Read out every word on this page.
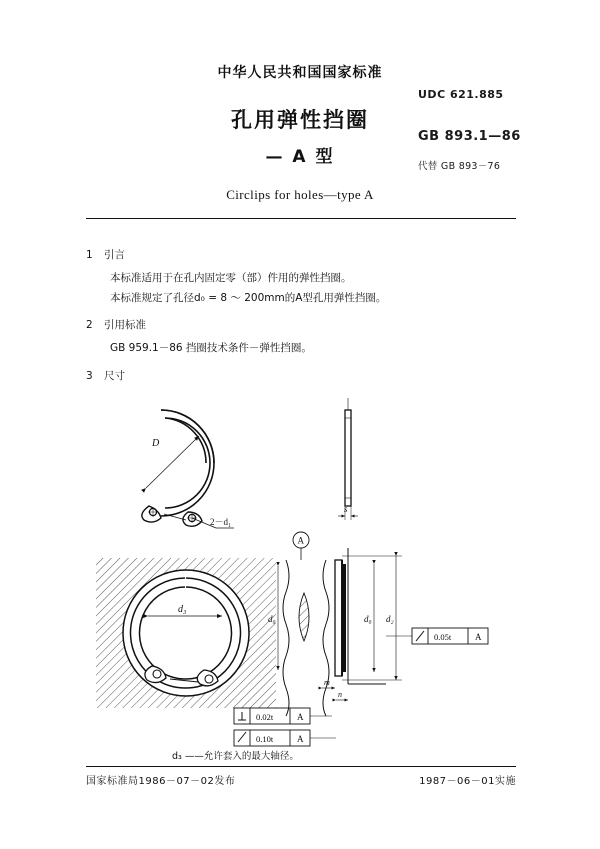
中华人民共和国国家标准
孔用弹性挡圈
— A 型
Circlips for holes—type A
UDC 621.885
GB 893.1—86
代替 GB 893－76
1 引言

本标准适用于在孔内固定零（部）件用的弹性挡圈。

本标准规定了孔径d₀ = 8 ～ 200mm的A型孔用弹性挡圈。

2 引用标准

GB 959.1－86 挡圈技术条件－弹性挡圈。

3 尺寸
D
2－d₁
s
d₃
A
d₀	d₀ d₂
m
n
0.05t	A
0.02t	A
0.10t	A
d₃ ——允许套入的最大轴径。
国家标准局1986－07－02发布	1987－06－01实施
